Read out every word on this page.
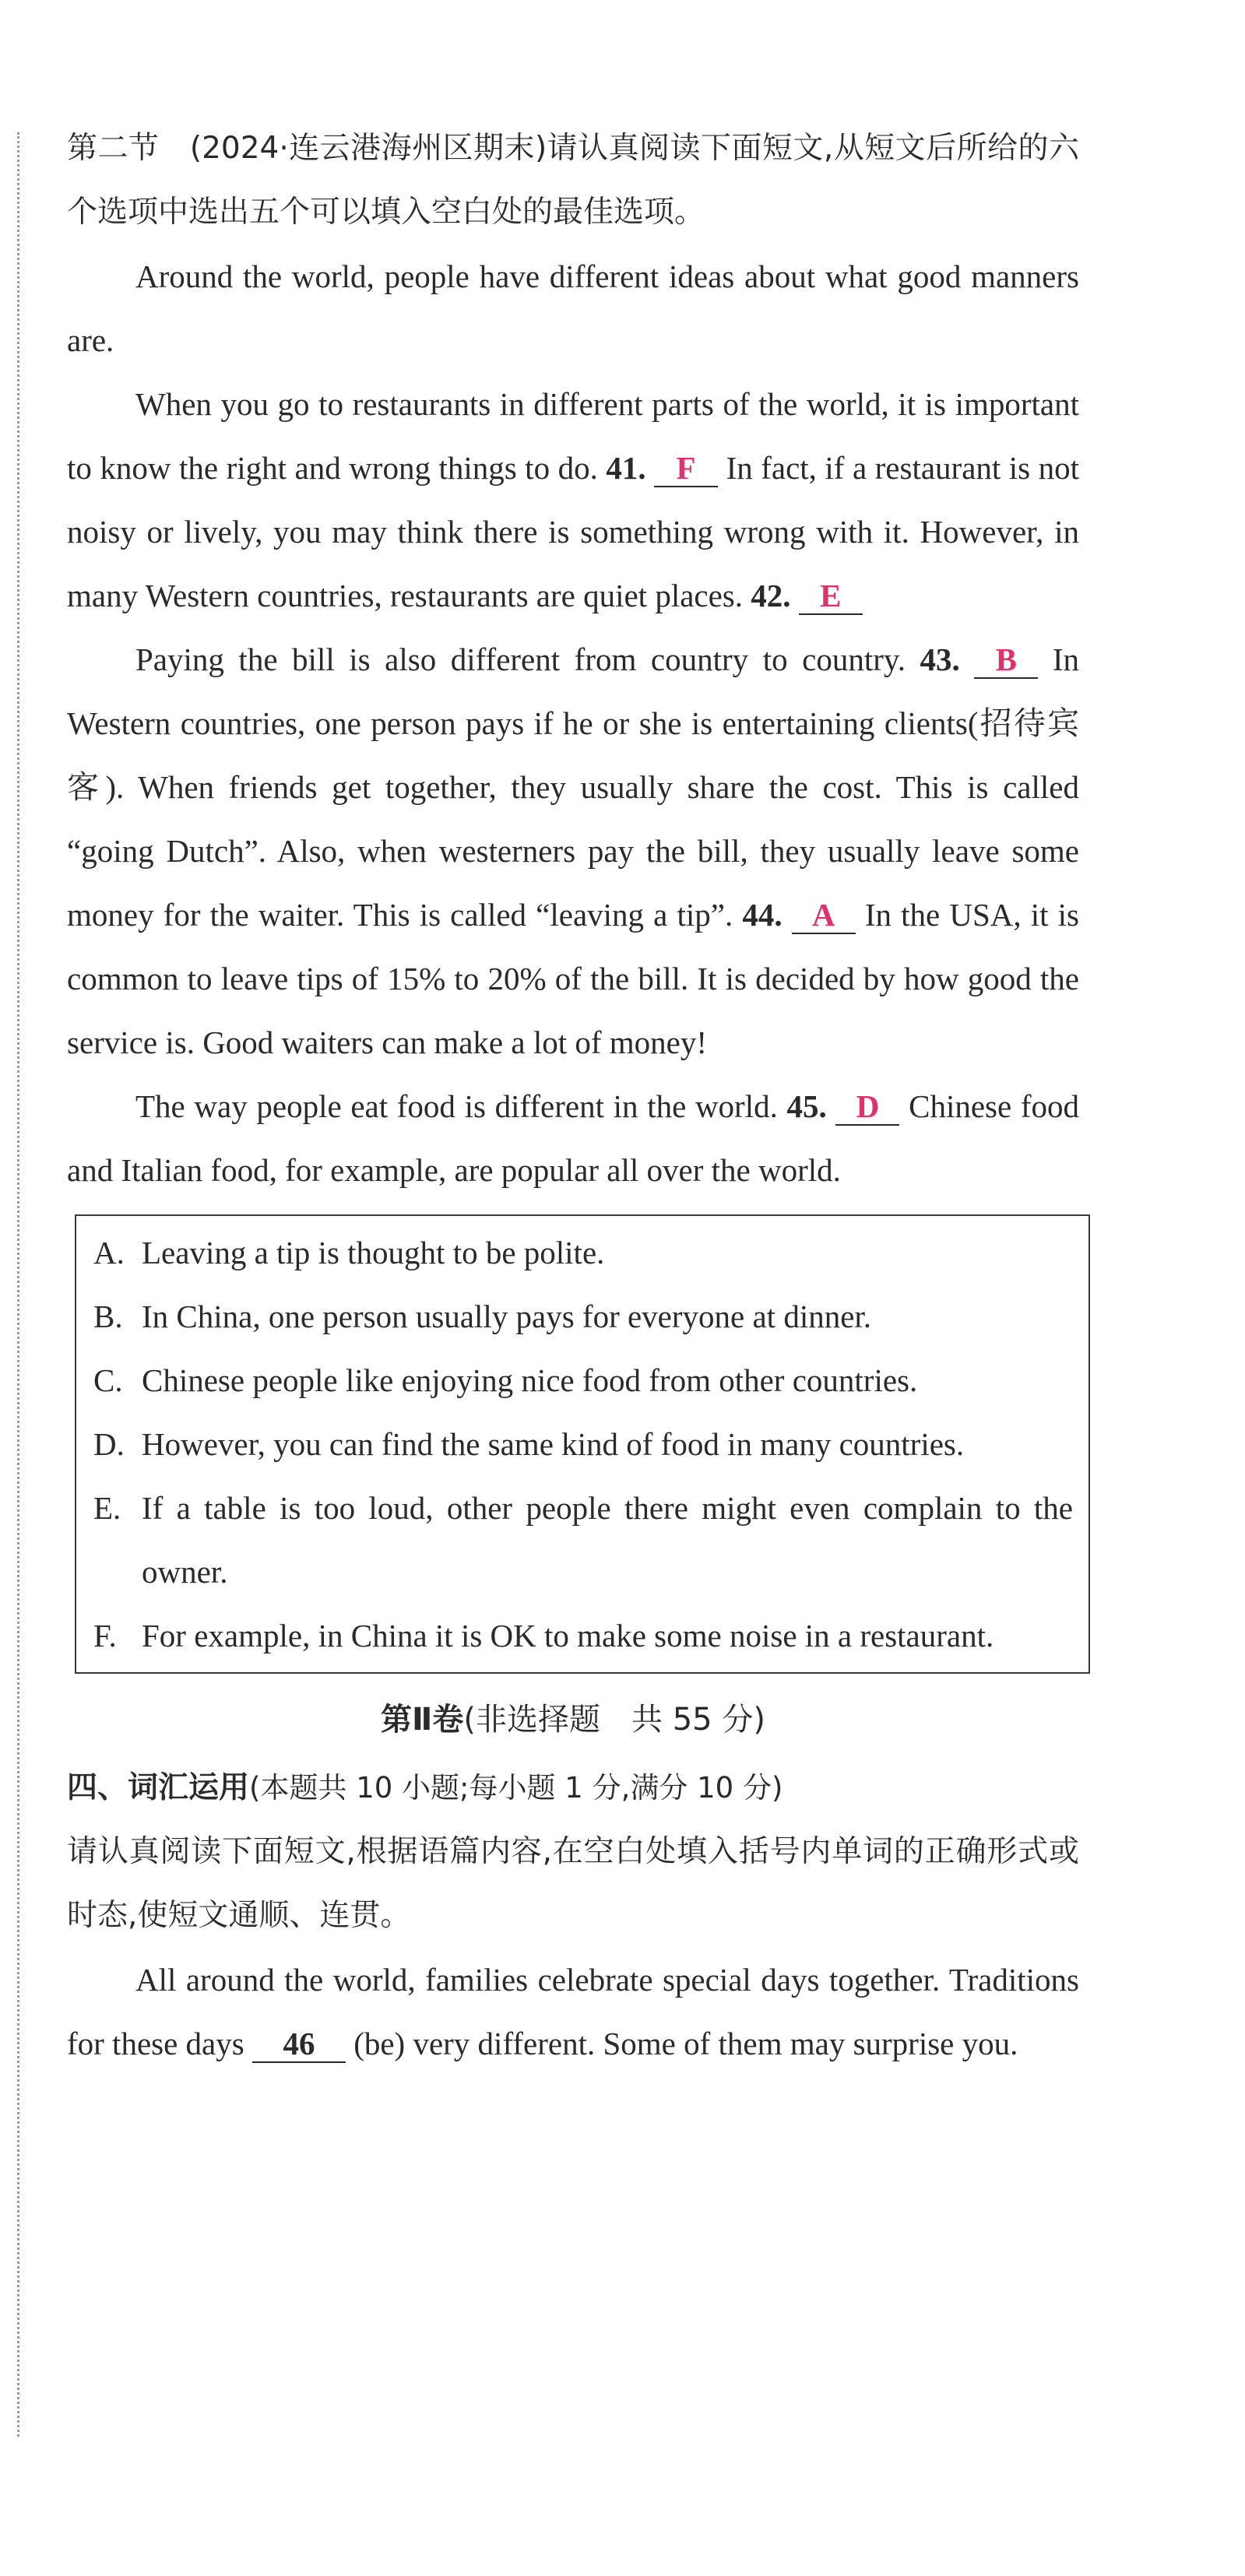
第二节　(2024·连云港海州区期末)请认真阅读下面短文,从短文后所给的六个选项中选出五个可以填入空白处的最佳选项。

Around the world, people have different ideas about what good manners are.

When you go to restaurants in different parts of the world, it is important to know the right and wrong things to do. 41. F In fact, if a restaurant is not noisy or lively, you may think there is something wrong with it. However, in many Western countries, restaurants are quiet places. 42. E

Paying the bill is also different from country to country. 43. B In Western countries, one person pays if he or she is entertaining clients(招待宾客). When friends get together, they usually share the cost. This is called “going Dutch”. Also, when westerners pay the bill, they usually leave some money for the waiter. This is called “leaving a tip”. 44. A In the USA, it is common to leave tips of 15% to 20% of the bill. It is decided by how good the service is. Good waiters can make a lot of money!

The way people eat food is different in the world. 45. D Chinese food and Italian food, for example, are popular all over the world.

A. Leaving a tip is thought to be polite.
B. In China, one person usually pays for everyone at dinner.
C. Chinese people like enjoying nice food from other countries.
D. However, you can find the same kind of food in many countries.
E. If a table is too loud, other people there might even complain to the owner.
F. For example, in China it is OK to make some noise in a restaurant.
第Ⅱ卷(非选择题　共 55 分)
四、词汇运用(本题共 10 小题;每小题 1 分,满分 10 分)

请认真阅读下面短文,根据语篇内容,在空白处填入括号内单词的正确形式或时态,使短文通顺、连贯。

All around the world, families celebrate special days together. Traditions for these days 46 (be) very different. Some of them may surprise you.
